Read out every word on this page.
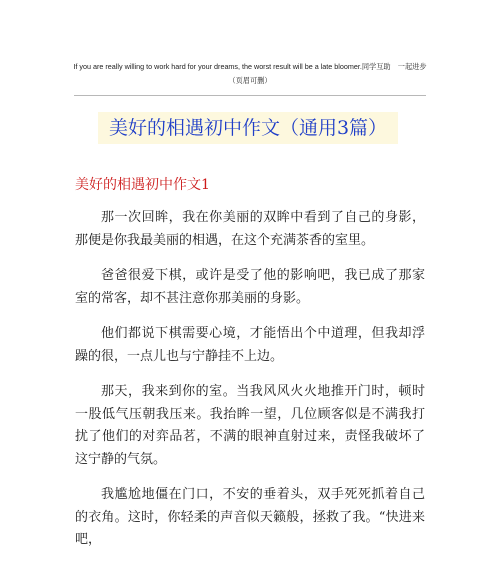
If you are really willing to work hard for your dreams, the worst result will be a late bloomer.同学互助　一起进步（页眉可删）
美好的相遇初中作文（通用3篇）
美好的相遇初中作文1

那一次回眸，我在你美丽的双眸中看到了自己的身影，那便是你我最美丽的相遇，在这个充满茶香的室里。

爸爸很爱下棋，或许是受了他的影响吧，我已成了那家室的常客，却不甚注意你那美丽的身影。

他们都说下棋需要心境，才能悟出个中道理，但我却浮躁的很，一点儿也与宁静挂不上边。

那天，我来到你的室。当我风风火火地推开门时，顿时一股低气压朝我压来。我抬眸一望，几位顾客似是不满我打扰了他们的对弈品茗，不满的眼神直射过来，责怪我破坏了这宁静的气氛。

我尴尬地僵在门口，不安的垂着头，双手死死抓着自己的衣角。这时，你轻柔的声音似天籁般，拯救了我。“快进来吧，
